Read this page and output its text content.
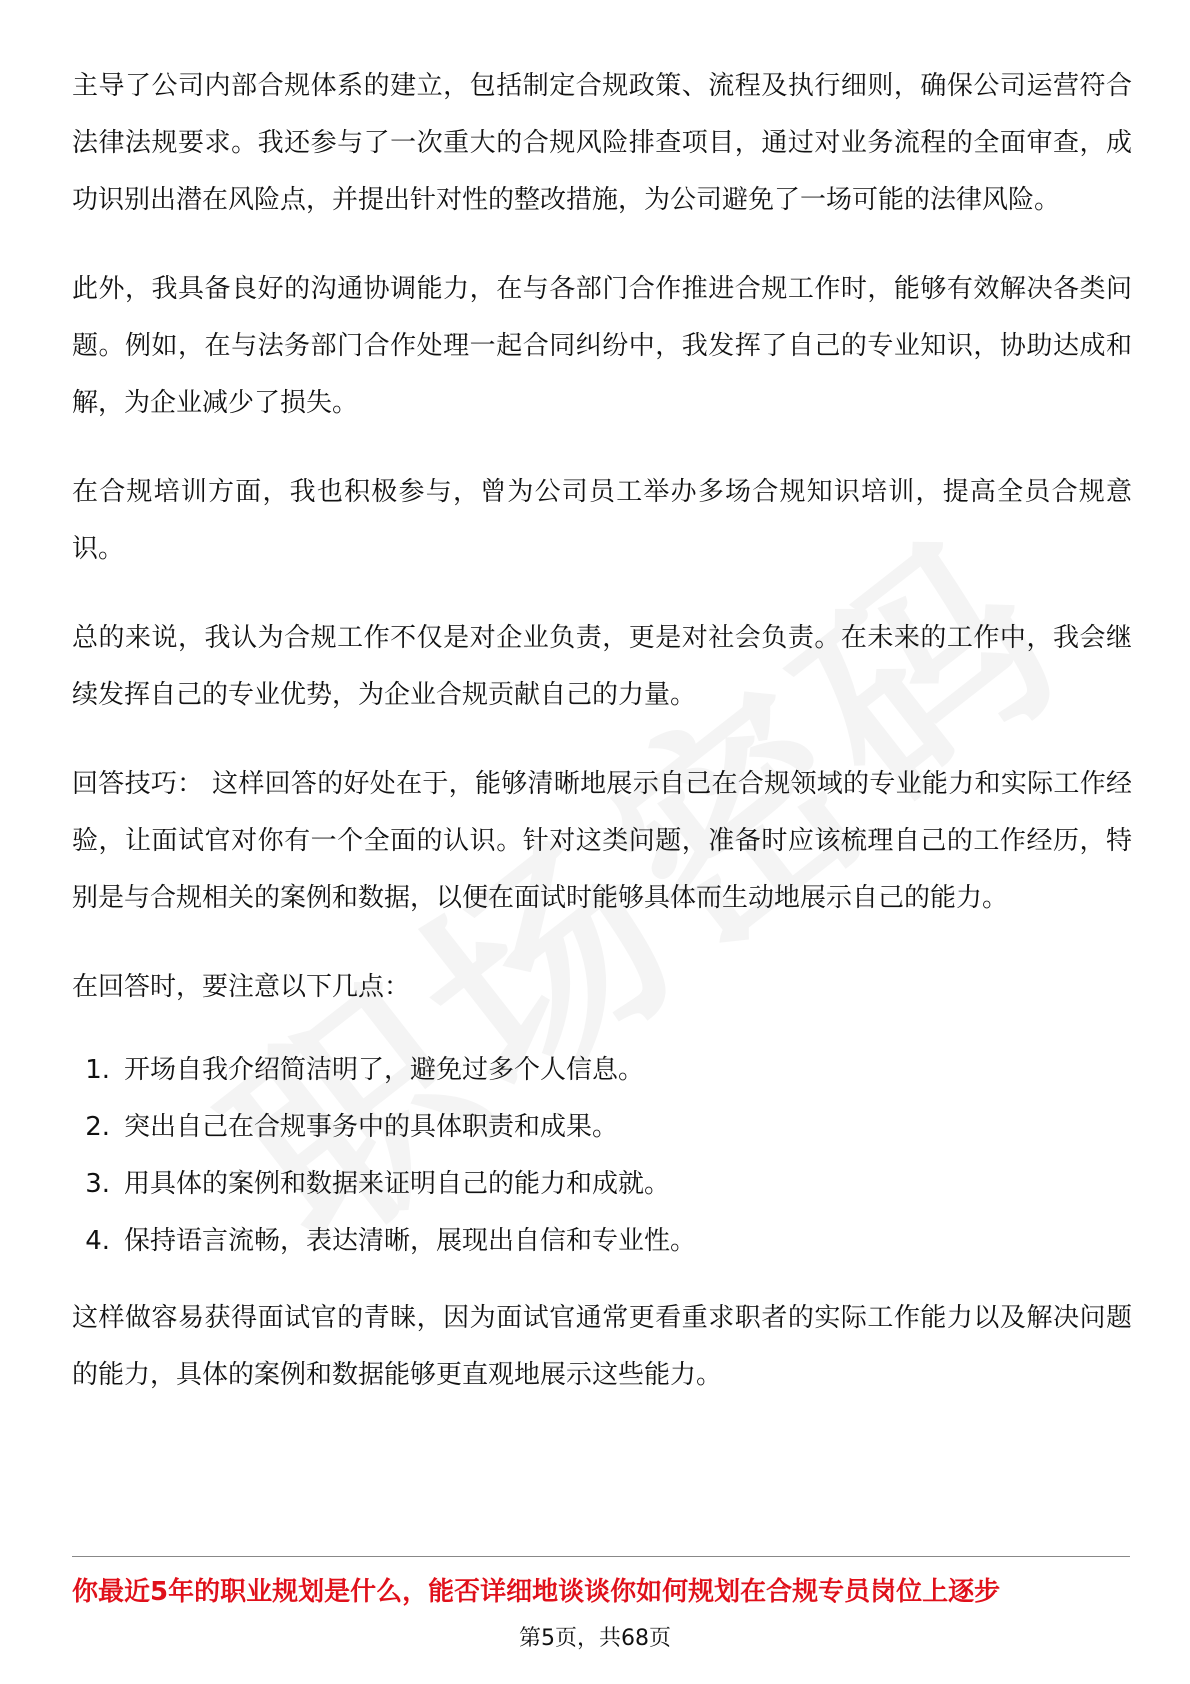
主导了公司内部合规体系的建立，包括制定合规政策、流程及执行细则，确保公司运营符合法律法规要求。我还参与了一次重大的合规风险排查项目，通过对业务流程的全面审查，成功识别出潜在风险点，并提出针对性的整改措施，为公司避免了一场可能的法律风险。

此外，我具备良好的沟通协调能力，在与各部门合作推进合规工作时，能够有效解决各类问题。例如，在与法务部门合作处理一起合同纠纷中，我发挥了自己的专业知识，协助达成和解，为企业减少了损失。

在合规培训方面，我也积极参与，曾为公司员工举办多场合规知识培训，提高全员合规意识。

总的来说，我认为合规工作不仅是对企业负责，更是对社会负责。在未来的工作中，我会继续发挥自己的专业优势，为企业合规贡献自己的力量。

回答技巧： 这样回答的好处在于，能够清晰地展示自己在合规领域的专业能力和实际工作经验，让面试官对你有一个全面的认识。针对这类问题，准备时应该梳理自己的工作经历，特别是与合规相关的案例和数据，以便在面试时能够具体而生动地展示自己的能力。

在回答时，要注意以下几点：

1. 开场自我介绍简洁明了，避免过多个人信息。
2. 突出自己在合规事务中的具体职责和成果。
3. 用具体的案例和数据来证明自己的能力和成就。
4. 保持语言流畅，表达清晰，展现出自信和专业性。

这样做容易获得面试官的青睐，因为面试官通常更看重求职者的实际工作能力以及解决问题的能力，具体的案例和数据能够更直观地展示这些能力。

你最近5年的职业规划是什么，能否详细地谈谈你如何规划在合规专员岗位上逐步
第5页，共68页
